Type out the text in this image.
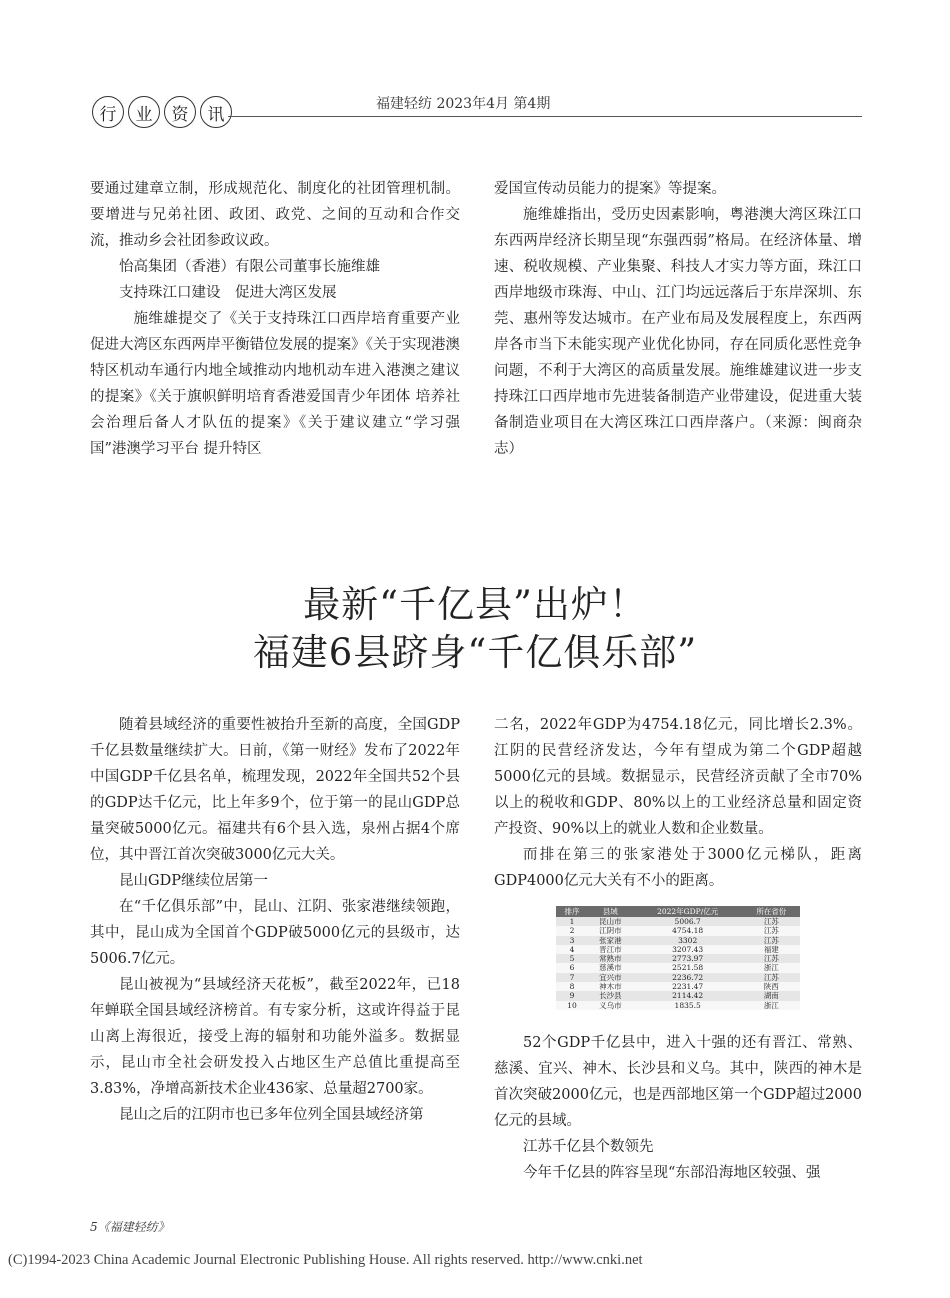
行	业	资	讯
福建轻纺 2023年4月 第4期

要通过建章立制，形成规范化、制度化的社团管理机制。要增进与兄弟社团、政团、政党、之间的互动和合作交流，推动乡会社团参政议政。

怡高集团（香港）有限公司董事长施维雄

支持珠江口建设　促进大湾区发展

施维雄提交了《关于支持珠江口西岸培育重要产业 促进大湾区东西两岸平衡错位发展的提案》《关于实现港澳特区机动车通行内地全域推动内地机动车进入港澳之建议的提案》《关于旗帜鲜明培育香港爱国青少年团体 培养社会治理后备人才队伍的提案》《关于建议建立“学习强国”港澳学习平台 提升特区

爱国宣传动员能力的提案》等提案。

施维雄指出，受历史因素影响，粤港澳大湾区珠江口东西两岸经济长期呈现“东强西弱”格局。在经济体量、增速、税收规模、产业集聚、科技人才实力等方面，珠江口西岸地级市珠海、中山、江门均远远落后于东岸深圳、东莞、惠州等发达城市。在产业布局及发展程度上，东西两岸各市当下未能实现产业优化协同，存在同质化恶性竞争问题，不利于大湾区的高质量发展。施维雄建议进一步支持珠江口西岸地市先进装备制造产业带建设，促进重大装备制造业项目在大湾区珠江口西岸落户。（来源：闽商杂志）

最新“千亿县”出炉！
福建6县跻身“千亿俱乐部”

随着县域经济的重要性被抬升至新的高度，全国GDP千亿县数量继续扩大。日前，《第一财经》发布了2022年中国GDP千亿县名单，梳理发现，2022年全国共52个县的GDP达千亿元，比上年多9个，位于第一的昆山GDP总量突破5000亿元。福建共有6个县入选，泉州占据4个席位，其中晋江首次突破3000亿元大关。

昆山GDP继续位居第一

在“千亿俱乐部”中，昆山、江阴、张家港继续领跑，其中，昆山成为全国首个GDP破5000亿元的县级市，达5006.7亿元。

昆山被视为“县域经济天花板”，截至2022年，已18年蝉联全国县域经济榜首。有专家分析，这或许得益于昆山离上海很近，接受上海的辐射和功能外溢多。数据显示，昆山市全社会研发投入占地区生产总值比重提高至3.83%，净增高新技术企业436家、总量超2700家。

昆山之后的江阴市也已多年位列全国县域经济第

二名，2022年GDP为4754.18亿元，同比增长2.3%。江阴的民营经济发达，今年有望成为第二个GDP超越5000亿元的县域。数据显示，民营经济贡献了全市70%以上的税收和GDP、80%以上的工业经济总量和固定资产投资、90%以上的就业人数和企业数量。

而排在第三的张家港处于3000亿元梯队，距离GDP4000亿元大关有不小的距离。

排序	县域	2022年GDP/亿元	所在省份
1	昆山市	5006.7	江苏
2	江阴市	4754.18	江苏
3	张家港	3302	江苏
4	晋江市	3207.43	福建
5	常熟市	2773.97	江苏
6	慈溪市	2521.58	浙江
7	宜兴市	2236.72	江苏
8	神木市	2231.47	陕西
9	长沙县	2114.42	湖南
10	义乌市	1835.5	浙江

52个GDP千亿县中，进入十强的还有晋江、常熟、慈溪、宜兴、神木、长沙县和义乌。其中，陕西的神木是首次突破2000亿元，也是西部地区第一个GDP超过2000亿元的县域。

江苏千亿县个数领先

今年千亿县的阵容呈现“东部沿海地区较强、强

5《福建轻纺》
(C)1994-2023 China Academic Journal Electronic Publishing House. All rights reserved. http://www.cnki.net
